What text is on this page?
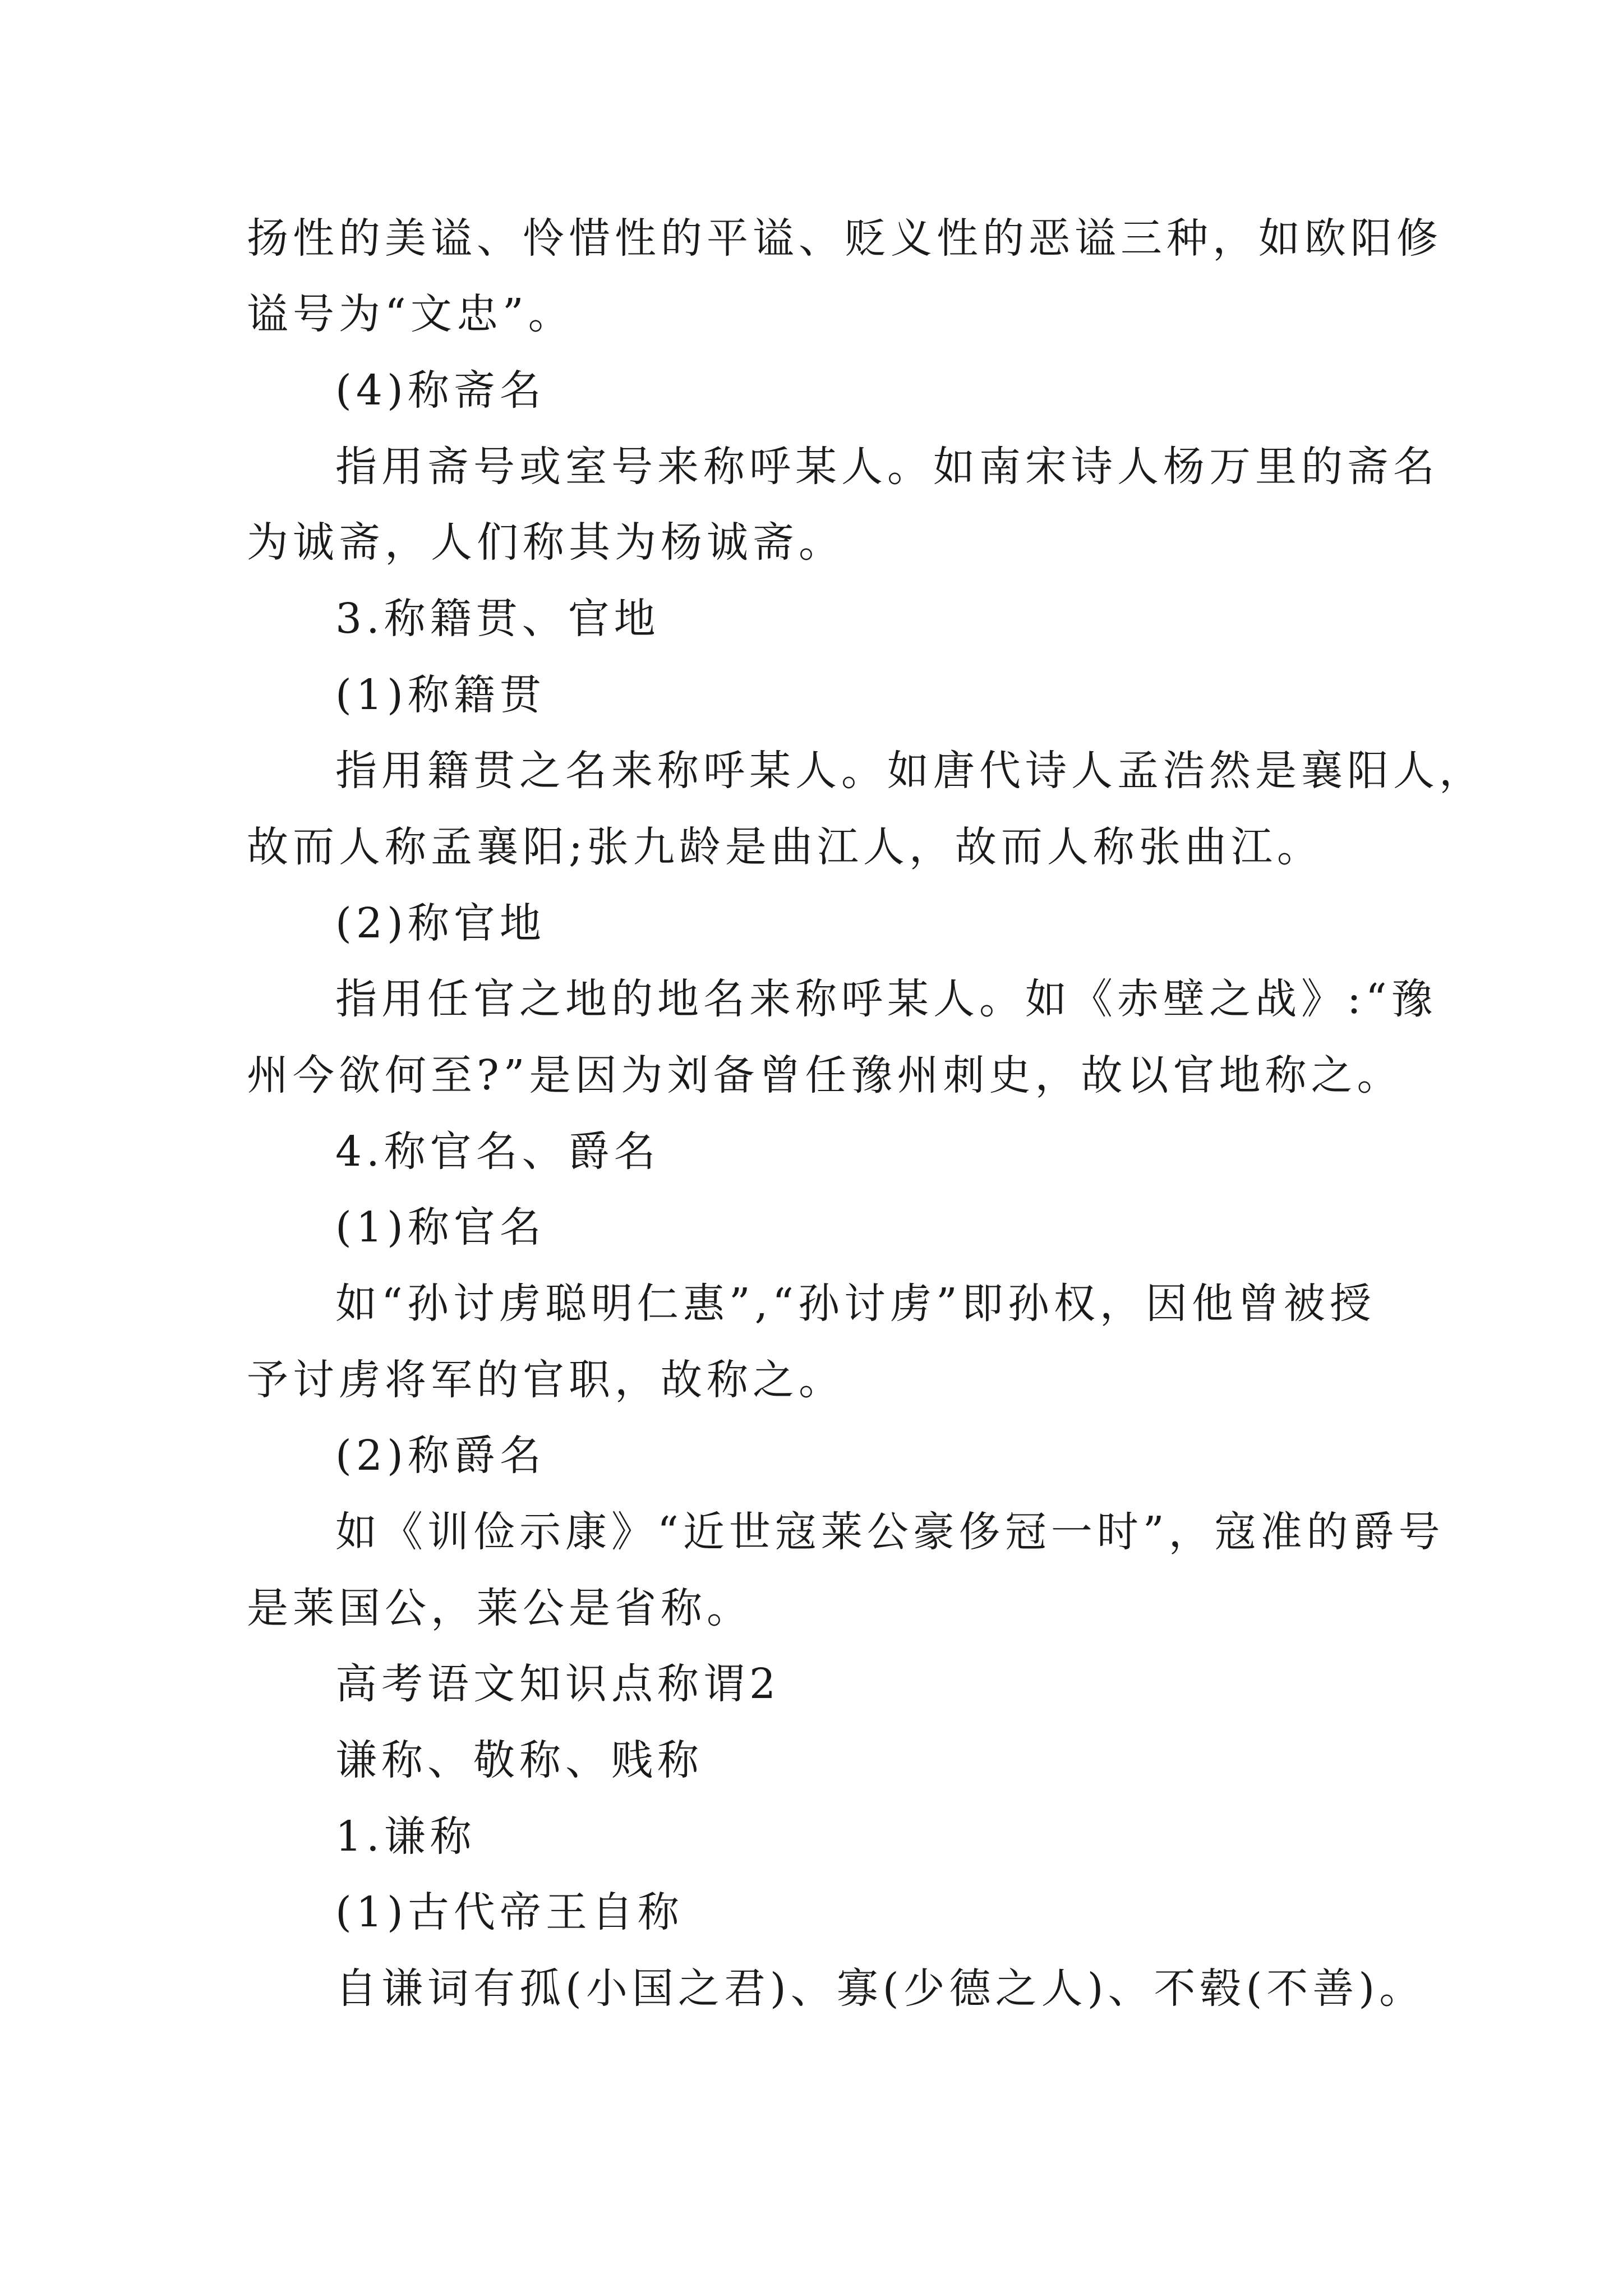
扬性的美谥、怜惜性的平谥、贬义性的恶谥三种，如欧阳修
谥号为“文忠”。
(4)称斋名
指用斋号或室号来称呼某人。如南宋诗人杨万里的斋名
为诚斋，人们称其为杨诚斋。
3.称籍贯、官地
(1)称籍贯
指用籍贯之名来称呼某人。如唐代诗人孟浩然是襄阳人，
故而人称孟襄阳;张九龄是曲江人，故而人称张曲江。
(2)称官地
指用任官之地的地名来称呼某人。如《赤壁之战》:“豫
州今欲何至?”是因为刘备曾任豫州刺史，故以官地称之。
4.称官名、爵名
(1)称官名
如“孙讨虏聪明仁惠”,“孙讨虏”即孙权，因他曾被授
予讨虏将军的官职，故称之。
(2)称爵名
如《训俭示康》“近世寇莱公豪侈冠一时”，寇准的爵号
是莱国公，莱公是省称。
高考语文知识点称谓2
谦称、敬称、贱称
1.谦称
(1)古代帝王自称
自谦词有孤(小国之君)、寡(少德之人)、不毂(不善)。
